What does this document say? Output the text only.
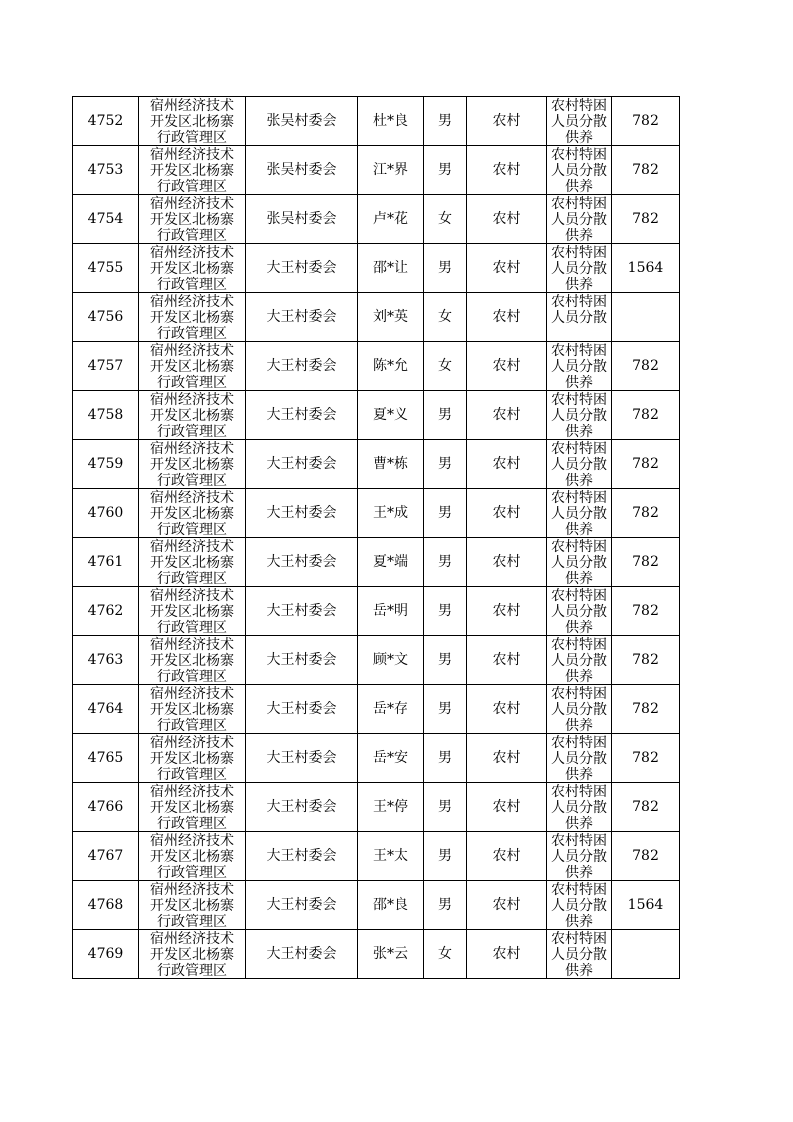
4752	宿州经济技术开发区北杨寨行政管理区	张吴村委会	杜*良	男	农村	农村特困人员分散供养	782
4753	宿州经济技术开发区北杨寨行政管理区	张吴村委会	江*界	男	农村	农村特困人员分散供养	782
4754	宿州经济技术开发区北杨寨行政管理区	张吴村委会	卢*花	女	农村	农村特困人员分散供养	782
4755	宿州经济技术开发区北杨寨行政管理区	大王村委会	邵*让	男	农村	农村特困人员分散供养	1564
4756	宿州经济技术开发区北杨寨行政管理区	大王村委会	刘*英	女	农村	农村特困人员分散	

4757	宿州经济技术开发区北杨寨行政管理区	大王村委会	陈*允	女	农村	农村特困人员分散供养	782
4758	宿州经济技术开发区北杨寨行政管理区	大王村委会	夏*义	男	农村	农村特困人员分散供养	782
4759	宿州经济技术开发区北杨寨行政管理区	大王村委会	曹*栋	男	农村	农村特困人员分散供养	782
4760	宿州经济技术开发区北杨寨行政管理区	大王村委会	王*成	男	农村	农村特困人员分散供养	782
4761	宿州经济技术开发区北杨寨行政管理区	大王村委会	夏*端	男	农村	农村特困人员分散供养	782
4762	宿州经济技术开发区北杨寨行政管理区	大王村委会	岳*明	男	农村	农村特困人员分散供养	782
4763	宿州经济技术开发区北杨寨行政管理区	大王村委会	顾*文	男	农村	农村特困人员分散供养	782
4764	宿州经济技术开发区北杨寨行政管理区	大王村委会	岳*存	男	农村	农村特困人员分散供养	782
4765	宿州经济技术开发区北杨寨行政管理区	大王村委会	岳*安	男	农村	农村特困人员分散供养	782
4766	宿州经济技术开发区北杨寨行政管理区	大王村委会	王*停	男	农村	农村特困人员分散供养	782
4767	宿州经济技术开发区北杨寨行政管理区	大王村委会	王*太	男	农村	农村特困人员分散供养	782
4768	宿州经济技术开发区北杨寨行政管理区	大王村委会	邵*良	男	农村	农村特困人员分散供养	1564
4769	宿州经济技术开发区北杨寨行政管理区	大王村委会	张*云	女	农村	农村特困人员分散供养	
